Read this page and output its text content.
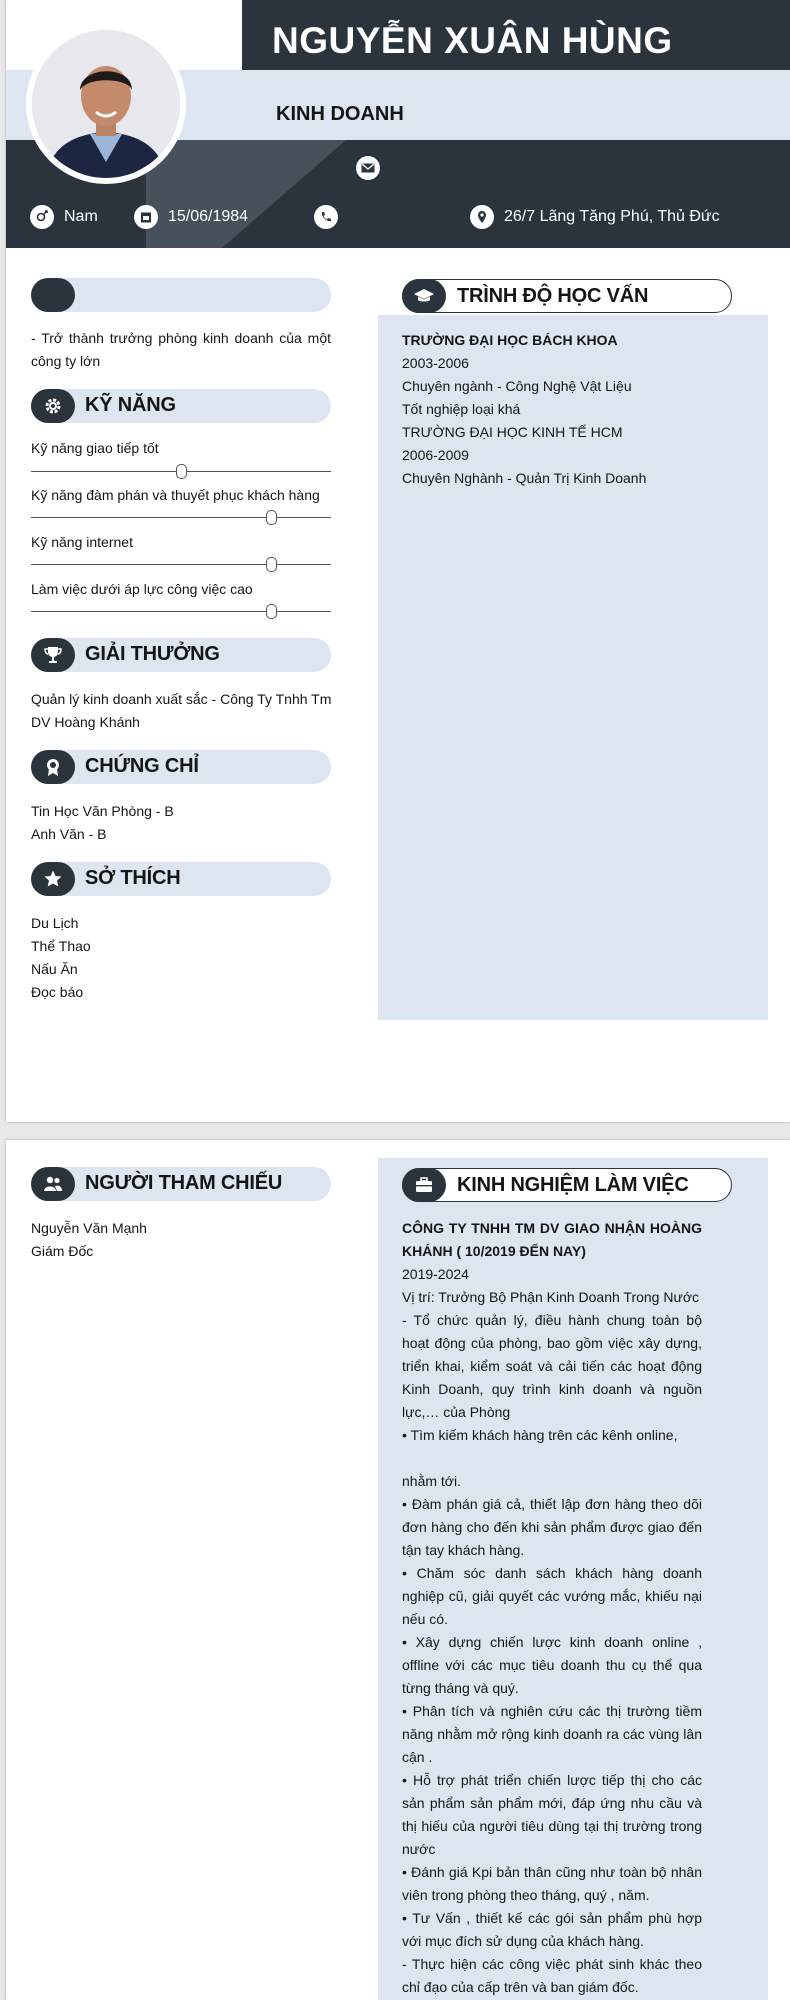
NGUYỄN XUÂN HÙNG
KINH DOANH
Nam	15/06/1984	26/7 Lãng Tăng Phú, Thủ Đức
- Trở thành trưởng phòng kinh doanh của một công ty lớn
KỸ NĂNG
Kỹ năng giao tiếp tốt
Kỹ năng đàm phán và thuyết phục khách hàng
Kỹ năng internet
Làm việc dưới áp lực công việc cao
GIẢI THƯỞNG
Quản lý kinh doanh xuất sắc - Công Ty Tnhh Tm
DV Hoàng Khánh
CHỨNG CHỈ
Tin Học Văn Phòng - B
Anh Văn - B
SỞ THÍCH
Du Lịch
Thể Thao
Nấu Ăn
Đọc báo
TRÌNH ĐỘ HỌC VẤN
TRƯỜNG ĐẠI HỌC BÁCH KHOA
2003-2006
Chuyên ngành - Công Nghệ Vật Liệu
Tốt nghiệp loại khá
TRƯỜNG ĐẠI HỌC KINH TẾ HCM
2006-2009
Chuyên Nghành - Quản Trị Kinh Doanh
NGƯỜI THAM CHIẾU
Nguyễn Văn Mạnh
Giám Đốc
KINH NGHIỆM LÀM VIỆC
CÔNG TY TNHH TM DV GIAO NHẬN HOÀNG KHÁNH ( 10/2019 ĐẾN NAY)
2019-2024
Vị trí: Trưởng Bộ Phận Kinh Doanh Trong Nước
- Tổ chức quản lý, điều hành chung toàn bộ hoạt động của phòng, bao gồm việc xây dựng, triển khai, kiểm soát và cải tiến các hoạt động Kinh Doanh, quy trình kinh doanh và nguồn lực,… của Phòng
• Tìm kiếm khách hàng trên các kênh online,
nhằm tới.
• Đàm phán giá cả, thiết lập đơn hàng theo dõi đơn hàng cho đến khi sản phẩm được giao đến tận tay khách hàng.
• Chăm sóc danh sách khách hàng doanh nghiệp cũ, giải quyết các vướng mắc, khiếu nại nếu có.
• Xây dựng chiến lược kinh doanh online , offline với các mục tiêu doanh thu cụ thể qua từng tháng và quý.
• Phân tích và nghiên cứu các thị trường tiềm năng nhằm mở rộng kinh doanh ra các vùng lân cận .
• Hỗ trợ phát triển chiến lược tiếp thị cho các sản phẩm sản phẩm mới, đáp ứng nhu cầu và thị hiếu của người tiêu dùng tại thị trường trong nước
• Đánh giá Kpi bản thân cũng như toàn bộ nhân viên trong phòng theo tháng, quý , năm.
• Tư Vấn , thiết kế các gói sản phẩm phù hợp với mục đích sử dụng của khách hàng.
- Thực hiện các công việc phát sinh khác theo chỉ đạo của cấp trên và ban giám đốc.
